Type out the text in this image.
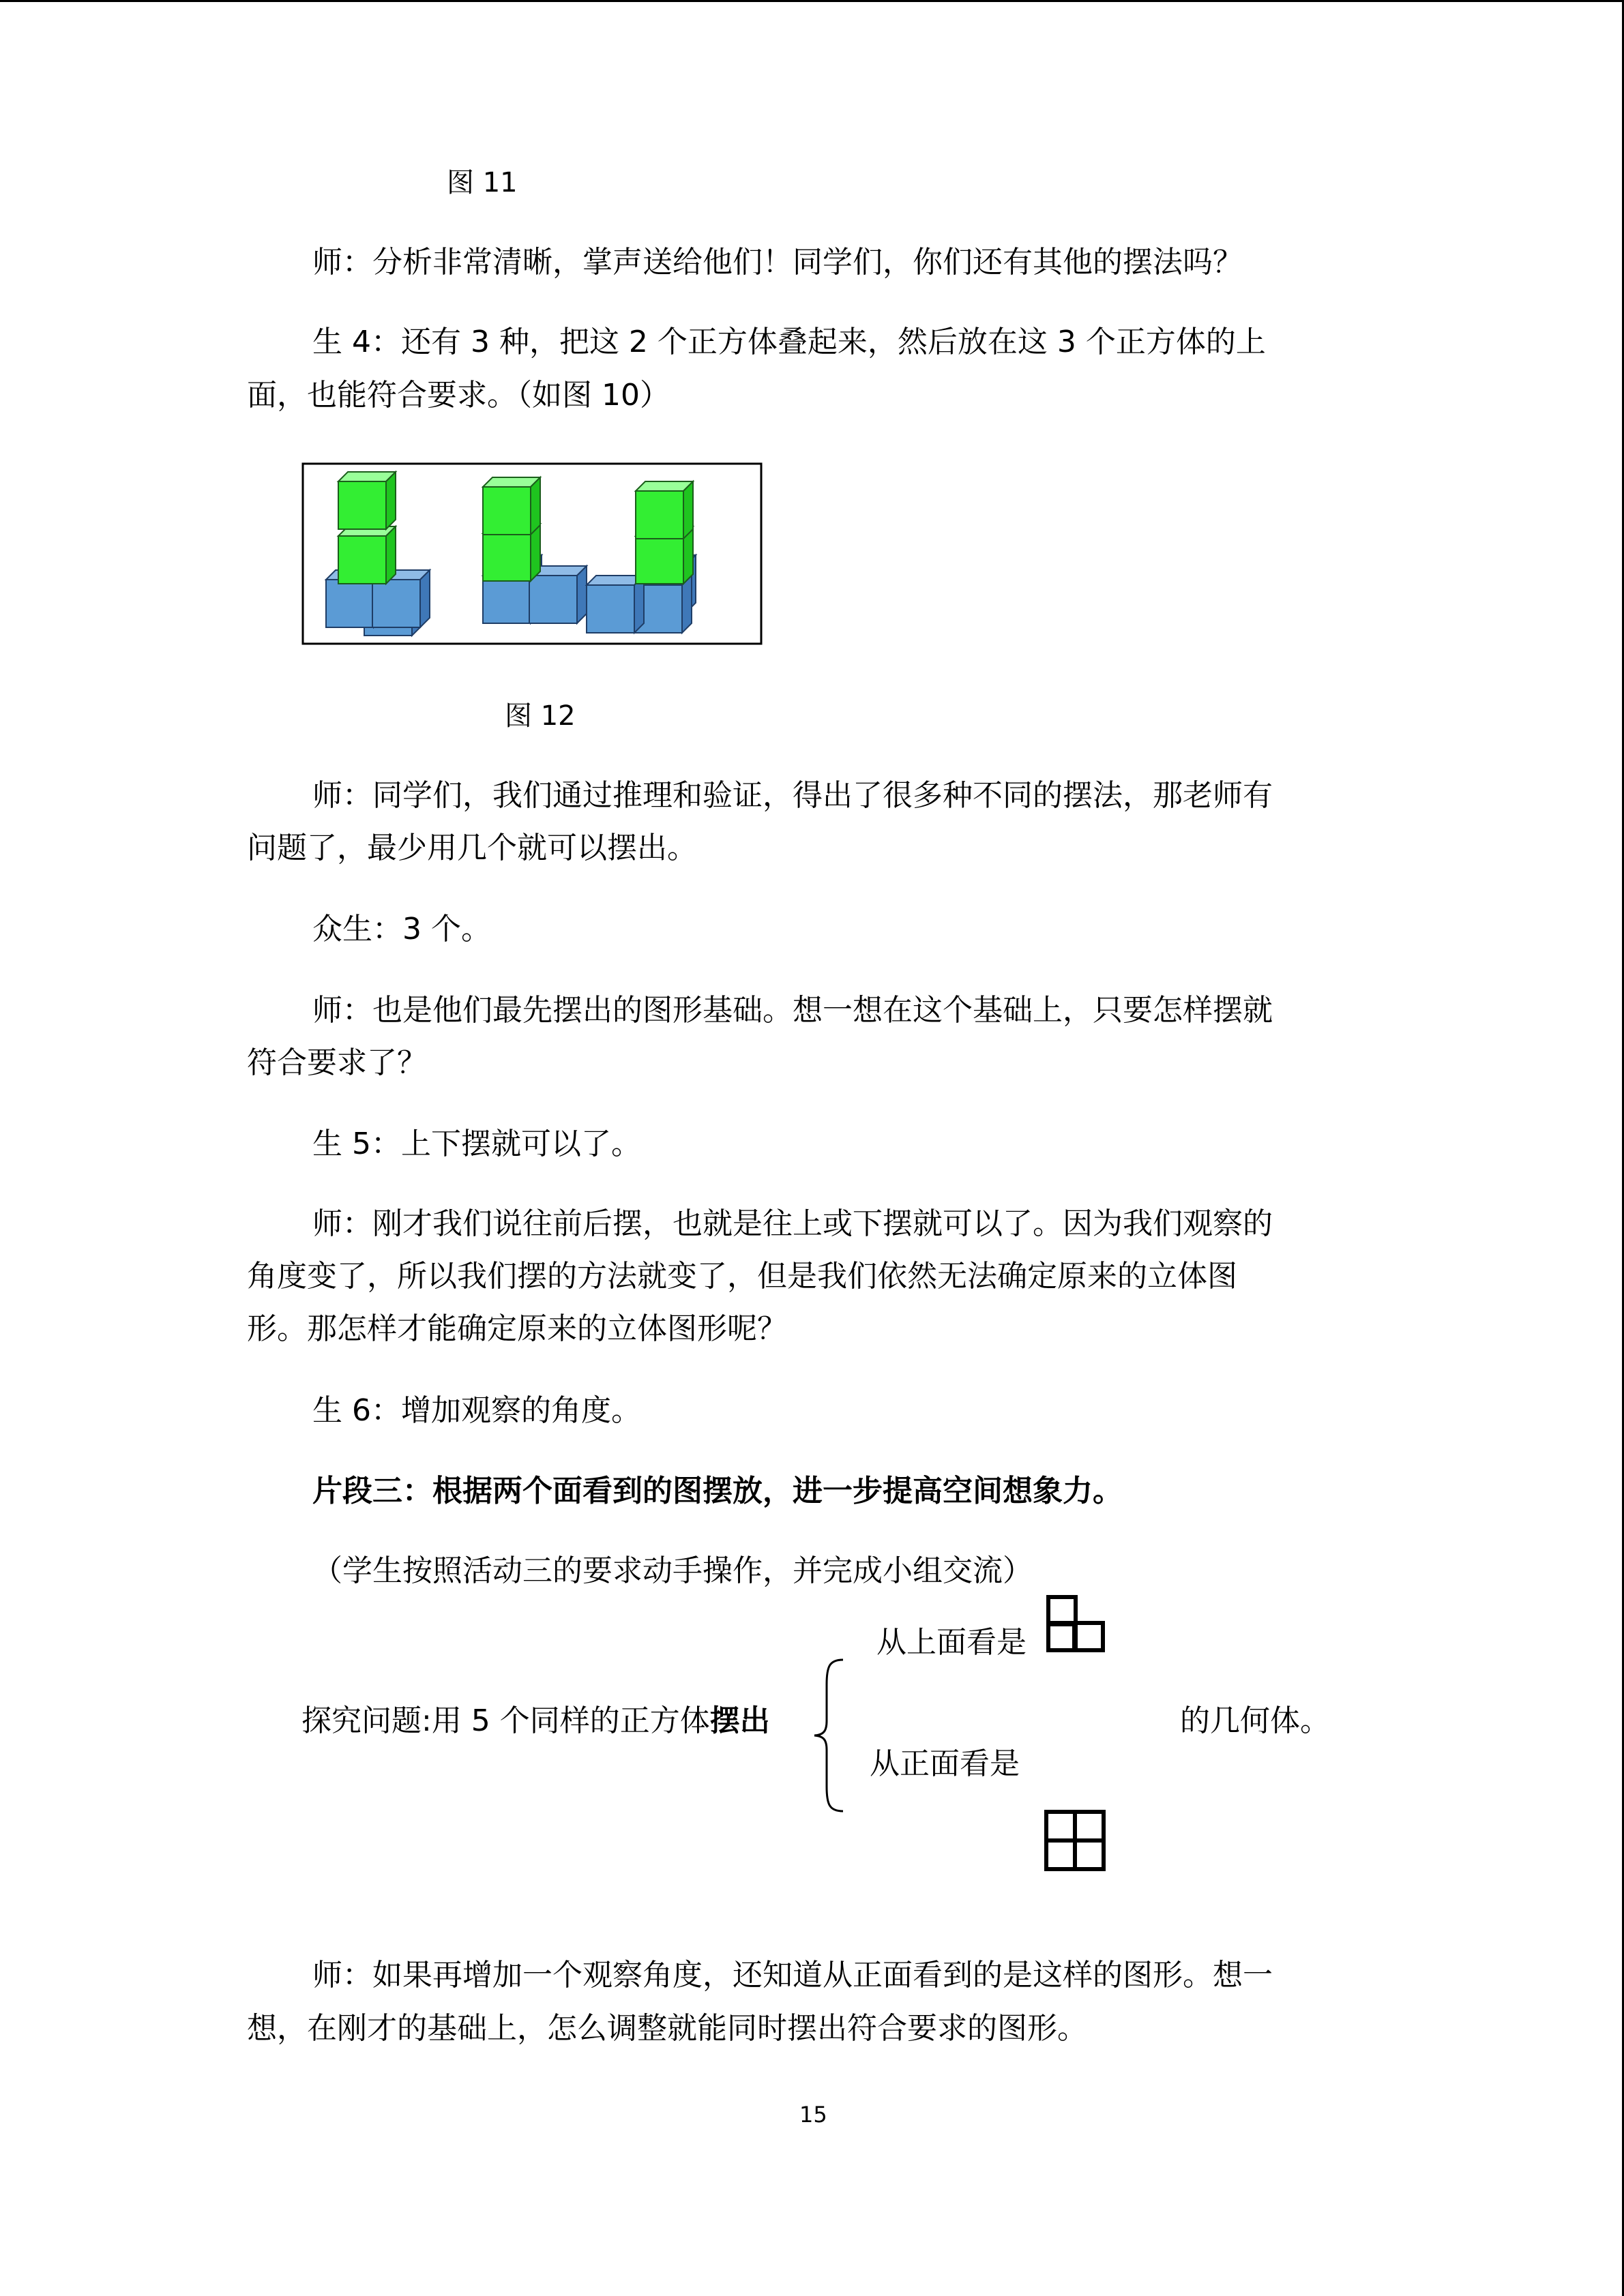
图 11
师：分析非常清晰，掌声送给他们！同学们，你们还有其他的摆法吗？
生 4：还有 3 种，把这 2 个正方体叠起来，然后放在这 3 个正方体的上
面，也能符合要求。（如图 10）
图 12
师：同学们，我们通过推理和验证，得出了很多种不同的摆法，那老师有
问题了，最少用几个就可以摆出。
众生：3 个。
师：也是他们最先摆出的图形基础。想一想在这个基础上，只要怎样摆就
符合要求了？
生 5：上下摆就可以了。
师：刚才我们说往前后摆，也就是往上或下摆就可以了。因为我们观察的
角度变了，所以我们摆的方法就变了，但是我们依然无法确定原来的立体图
形。那怎样才能确定原来的立体图形呢？
生 6：增加观察的角度。
片段三：根据两个面看到的图摆放，进一步提高空间想象力。
（学生按照活动三的要求动手操作，并完成小组交流）
从上面看是
探究问题:用 5 个同样的正方体摆出	的几何体。
从正面看是
师：如果再增加一个观察角度，还知道从正面看到的是这样的图形。想一
想，在刚才的基础上，怎么调整就能同时摆出符合要求的图形。
15
